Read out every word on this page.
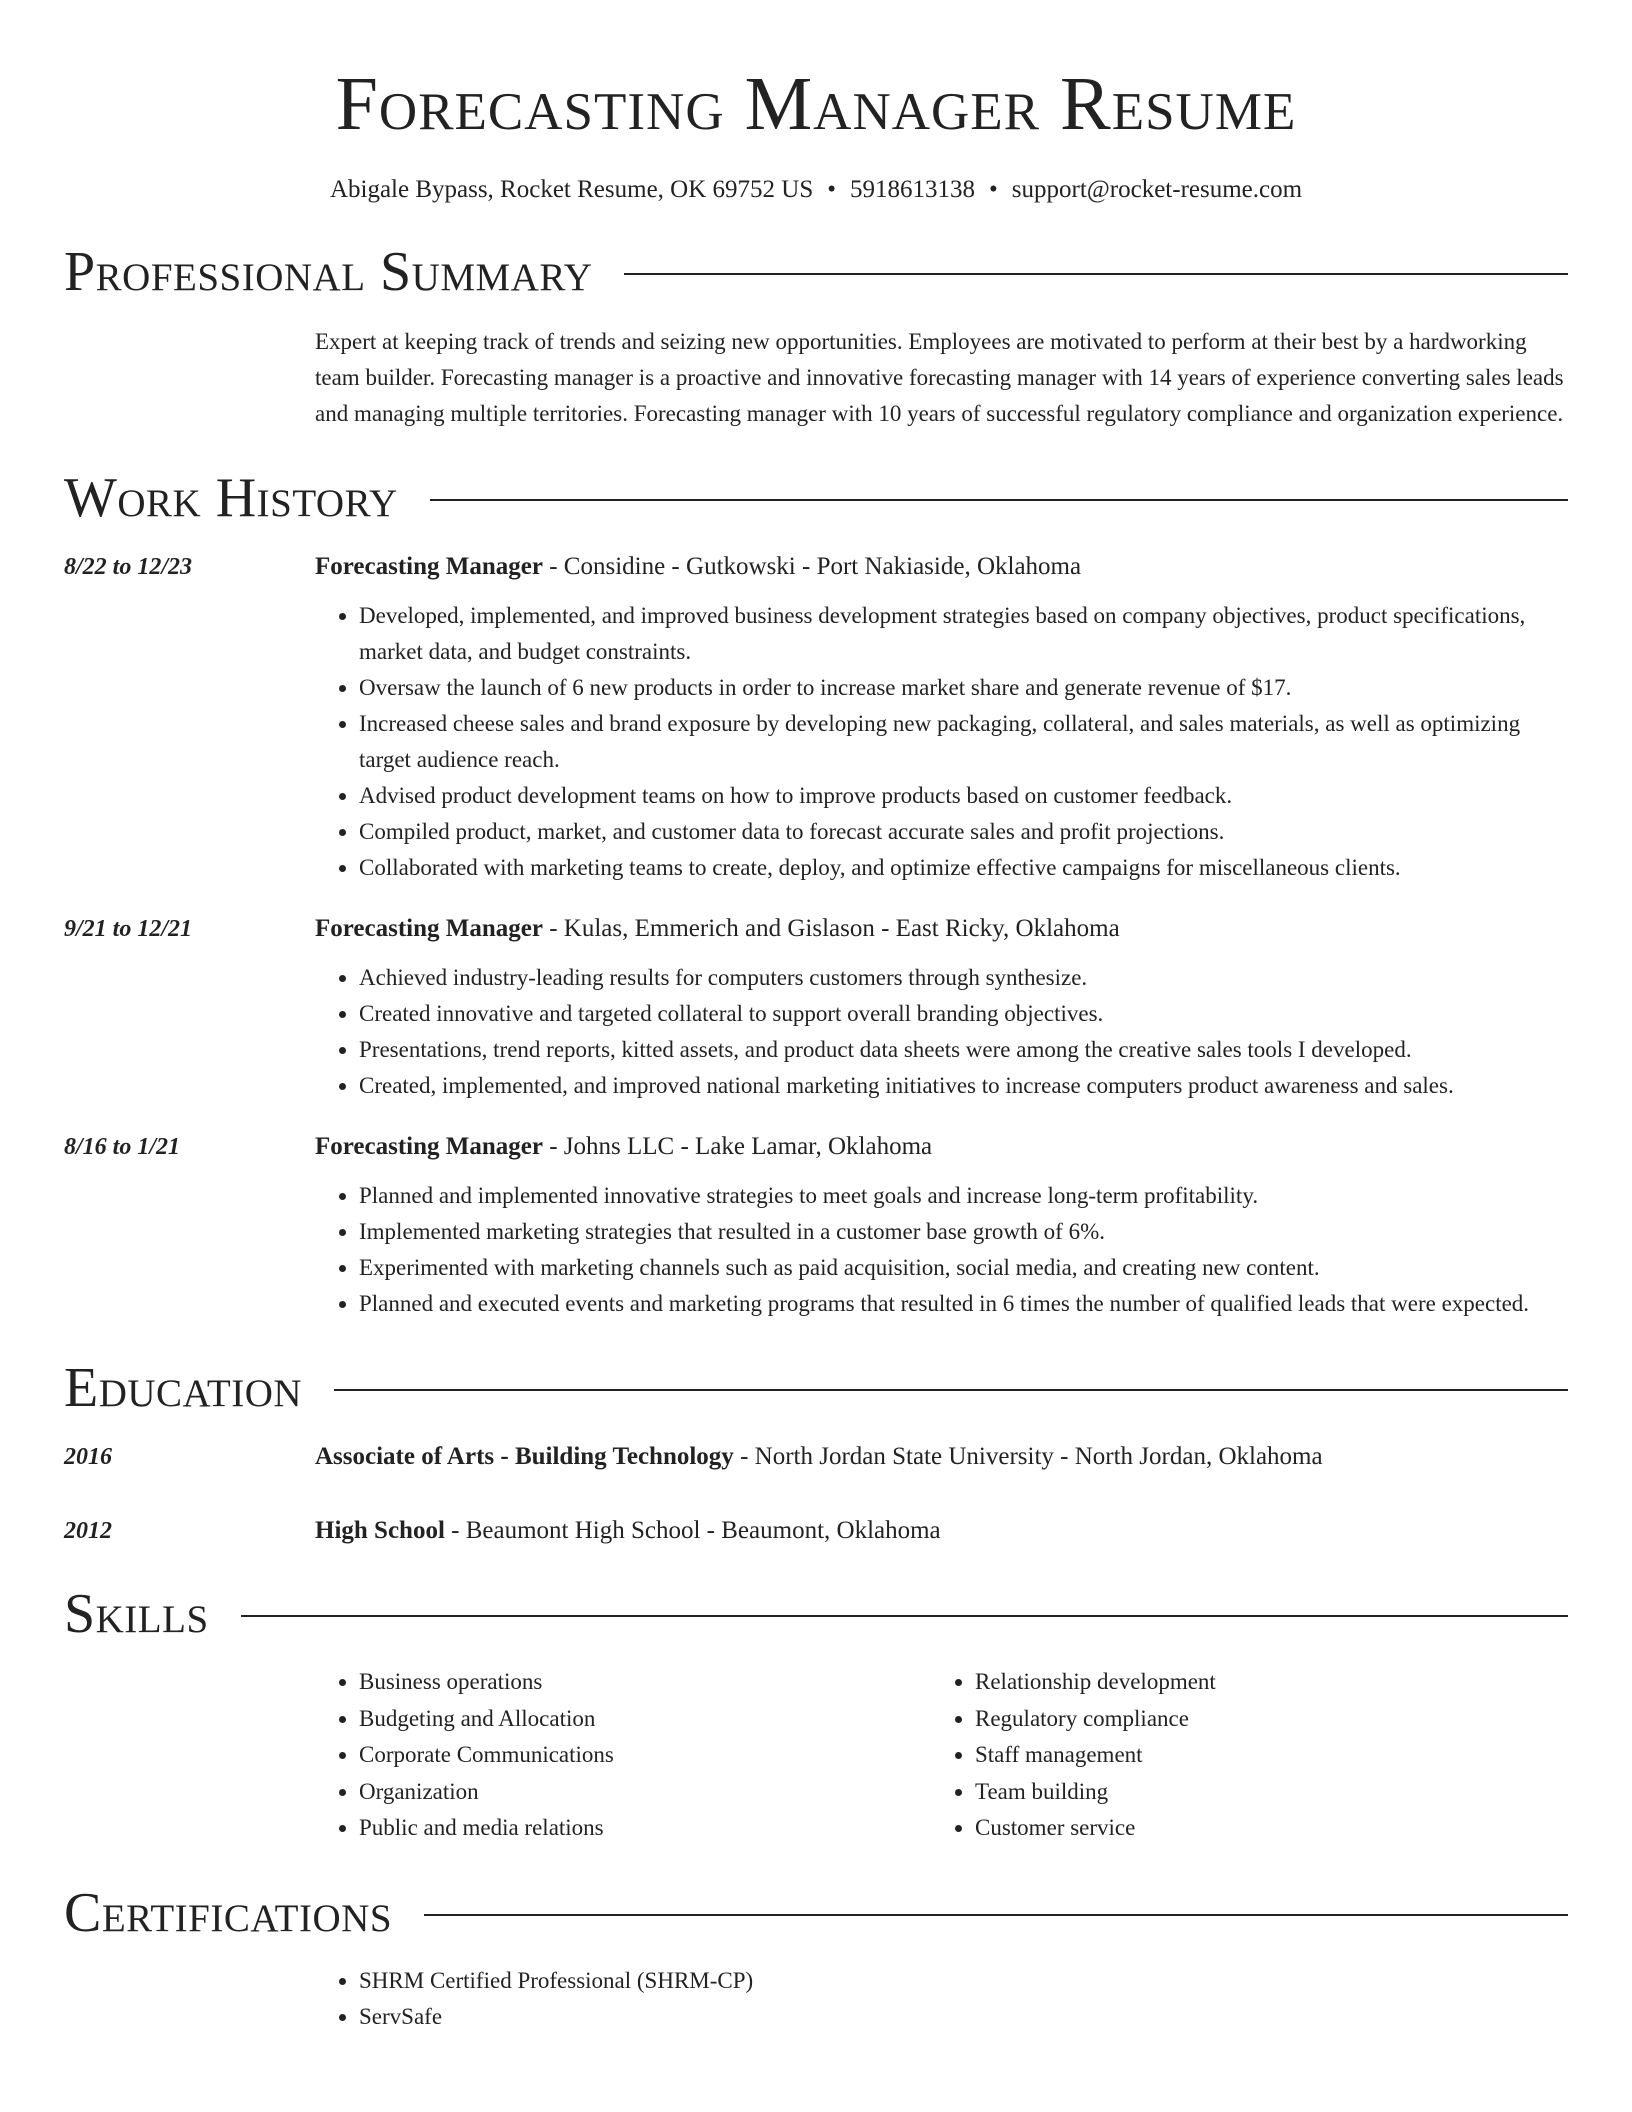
Forecasting Manager Resume
Abigale Bypass, Rocket Resume, OK 69752 US • 5918613138 • support@rocket-resume.com
Professional Summary
Expert at keeping track of trends and seizing new opportunities. Employees are motivated to perform at their best by a hardworking team builder. Forecasting manager is a proactive and innovative forecasting manager with 14 years of experience converting sales leads and managing multiple territories. Forecasting manager with 10 years of successful regulatory compliance and organization experience.
Work History
8/22 to 12/23	Forecasting Manager - Considine - Gutkowski - Port Nakiaside, Oklahoma
• Developed, implemented, and improved business development strategies based on company objectives, product specifications, market data, and budget constraints.
• Oversaw the launch of 6 new products in order to increase market share and generate revenue of $17.
• Increased cheese sales and brand exposure by developing new packaging, collateral, and sales materials, as well as optimizing target audience reach.
• Advised product development teams on how to improve products based on customer feedback.
• Compiled product, market, and customer data to forecast accurate sales and profit projections.
• Collaborated with marketing teams to create, deploy, and optimize effective campaigns for miscellaneous clients.
9/21 to 12/21	Forecasting Manager - Kulas, Emmerich and Gislason - East Ricky, Oklahoma
• Achieved industry-leading results for computers customers through synthesize.
• Created innovative and targeted collateral to support overall branding objectives.
• Presentations, trend reports, kitted assets, and product data sheets were among the creative sales tools I developed.
• Created, implemented, and improved national marketing initiatives to increase computers product awareness and sales.
8/16 to 1/21	Forecasting Manager - Johns LLC - Lake Lamar, Oklahoma
• Planned and implemented innovative strategies to meet goals and increase long-term profitability.
• Implemented marketing strategies that resulted in a customer base growth of 6%.
• Experimented with marketing channels such as paid acquisition, social media, and creating new content.
• Planned and executed events and marketing programs that resulted in 6 times the number of qualified leads that were expected.
Education
2016	Associate of Arts - Building Technology - North Jordan State University - North Jordan, Oklahoma
2012	High School - Beaumont High School - Beaumont, Oklahoma
Skills
• Business operations
• Budgeting and Allocation
• Corporate Communications
• Organization
• Public and media relations
• Relationship development
• Regulatory compliance
• Staff management
• Team building
• Customer service
Certifications
• SHRM Certified Professional (SHRM-CP)
• ServSafe
